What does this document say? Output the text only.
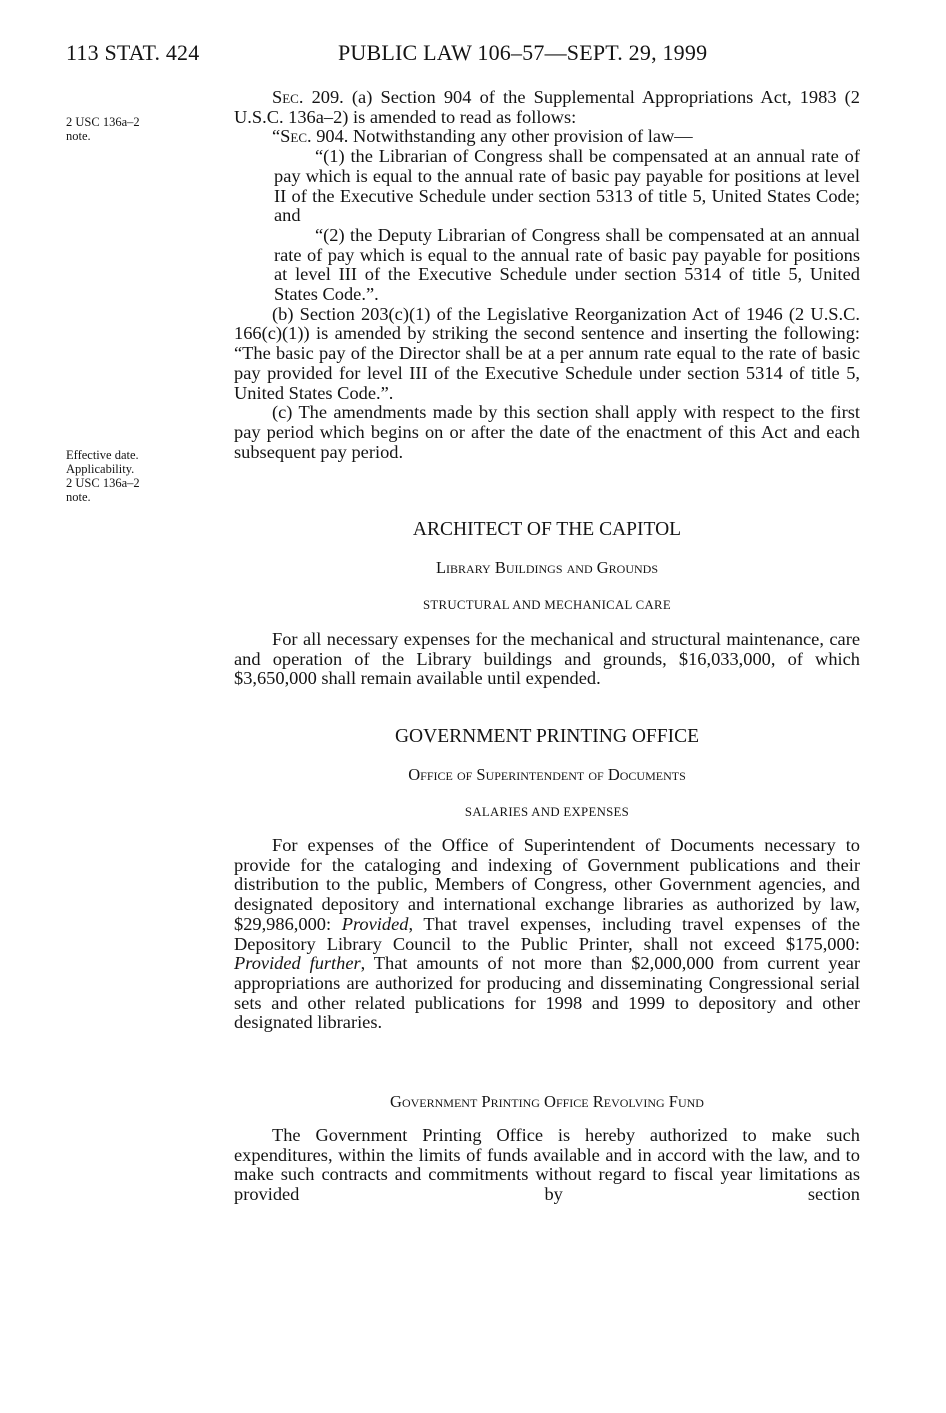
113 STAT. 424	PUBLIC LAW 106–57—SEPT. 29, 1999
2 USC 136a–2
note.
Effective date.
Applicability.
2 USC 136a–2
note.

Sec. 209. (a) Section 904 of the Supplemental Appropriations Act, 1983 (2 U.S.C. 136a–2) is amended to read as follows:

“Sec. 904. Notwithstanding any other provision of law—

“(1) the Librarian of Congress shall be compensated at an annual rate of pay which is equal to the annual rate of basic pay payable for positions at level II of the Executive Schedule under section 5313 of title 5, United States Code; and

“(2) the Deputy Librarian of Congress shall be compensated at an annual rate of pay which is equal to the annual rate of basic pay payable for positions at level III of the Executive Schedule under section 5314 of title 5, United States Code.”.

(b) Section 203(c)(1) of the Legislative Reorganization Act of 1946 (2 U.S.C. 166(c)(1)) is amended by striking the second sentence and inserting the following: “The basic pay of the Director shall be at a per annum rate equal to the rate of basic pay provided for level III of the Executive Schedule under section 5314 of title 5, United States Code.”.

(c) The amendments made by this section shall apply with respect to the first pay period which begins on or after the date of the enactment of this Act and each subsequent pay period.

ARCHITECT OF THE CAPITOL
Library Buildings and Grounds
STRUCTURAL AND MECHANICAL CARE

For all necessary expenses for the mechanical and structural maintenance, care and operation of the Library buildings and grounds, $16,033,000, of which $3,650,000 shall remain available until expended.

GOVERNMENT PRINTING OFFICE
Office of Superintendent of Documents
SALARIES AND EXPENSES

For expenses of the Office of Superintendent of Documents necessary to provide for the cataloging and indexing of Government publications and their distribution to the public, Members of Congress, other Government agencies, and designated depository and international exchange libraries as authorized by law, $29,986,000: Provided, That travel expenses, including travel expenses of the Depository Library Council to the Public Printer, shall not exceed $175,000: Provided further, That amounts of not more than $2,000,000 from current year appropriations are authorized for producing and disseminating Congressional serial sets and other related publications for 1998 and 1999 to depository and other designated libraries.

Government Printing Office Revolving Fund

The Government Printing Office is hereby authorized to make such expenditures, within the limits of funds available and in accord with the law, and to make such contracts and commitments without regard to fiscal year limitations as provided by section
